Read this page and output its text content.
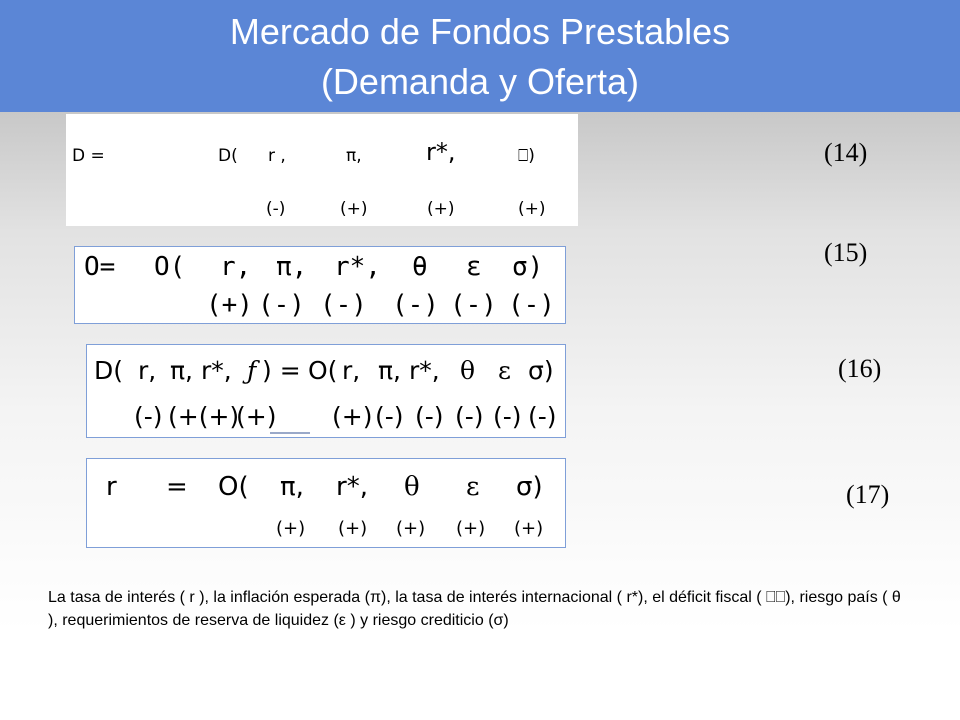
Mercado de Fondos Prestables
(Demanda y Oferta)
D =	D( r ,	π,	r*,	⎕)
(-)	(+)	(+)	(+)
(14)
O= O( r, π, r*, θ ε σ)
(+) (-) (-) (-) (-) (-)
(15)
D( r, π, r*, ƒ ) = O( r, π, r*, θ ε σ)
(-) (+(+)
(+) (+) (-) (-) (-) (-) (-)
(16)
r = O( π, r*, θ ε σ)
(+) (+) (+) (+) (+)
(17)
La tasa de interés ( r ), la inflación esperada (π), la tasa de interés internacional ( r*), el déficit fiscal ( ⎕⎕), riesgo país ( θ ), requerimientos de reserva de liquidez (ε ) y riesgo crediticio (σ)
